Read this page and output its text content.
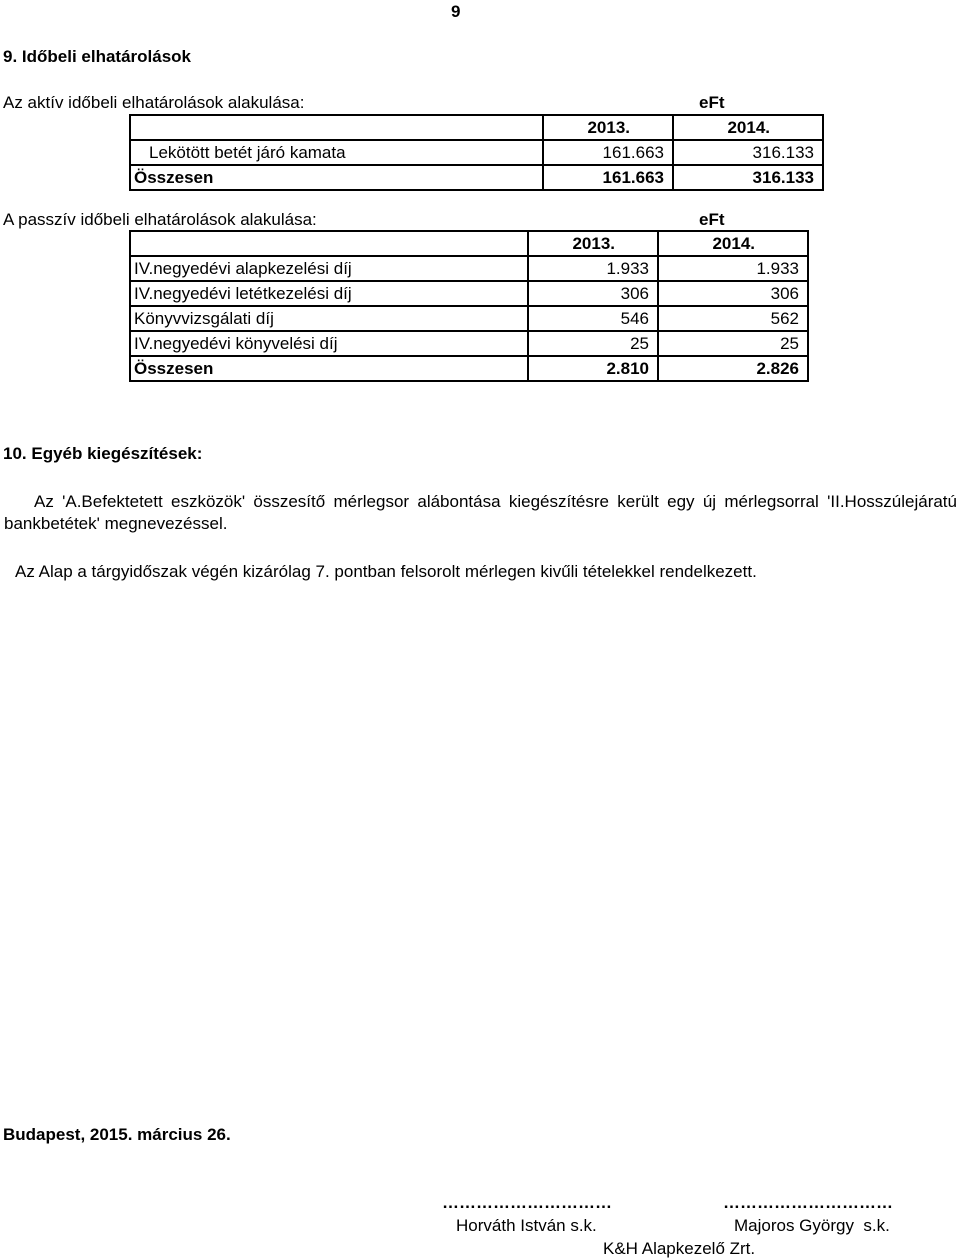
9
9. Időbeli elhatárolások
Az aktív időbeli elhatárolások alakulása:	eFt
	2013.	2014.
Lekötött betét járó kamata	161.663	316.133
Összesen	161.663	316.133
A passzív időbeli elhatárolások alakulása:	eFt
	2013.	2014.
IV.negyedévi alapkezelési díj	1.933	1.933
IV.negyedévi letétkezelési díj	306	306
Könyvvizsgálati díj	546	562
IV.negyedévi könyvelési díj	25	25
Összesen	2.810	2.826
10. Egyéb kiegészítések:
Az 'A.Befektetett eszközök' összesítő mérlegsor alábontása kiegészítésre került egy új mérlegsorral 'II.Hosszúlejáratú bankbetétek' megnevezéssel.
Az Alap a tárgyidőszak végén kizárólag 7. pontban felsorolt mérlegen kivűli tételekkel rendelkezett.
Budapest, 2015. március 26.
…………………………	…………………………
Horváth István s.k.	Majoros György  s.k.
K&H Alapkezelő Zrt.
